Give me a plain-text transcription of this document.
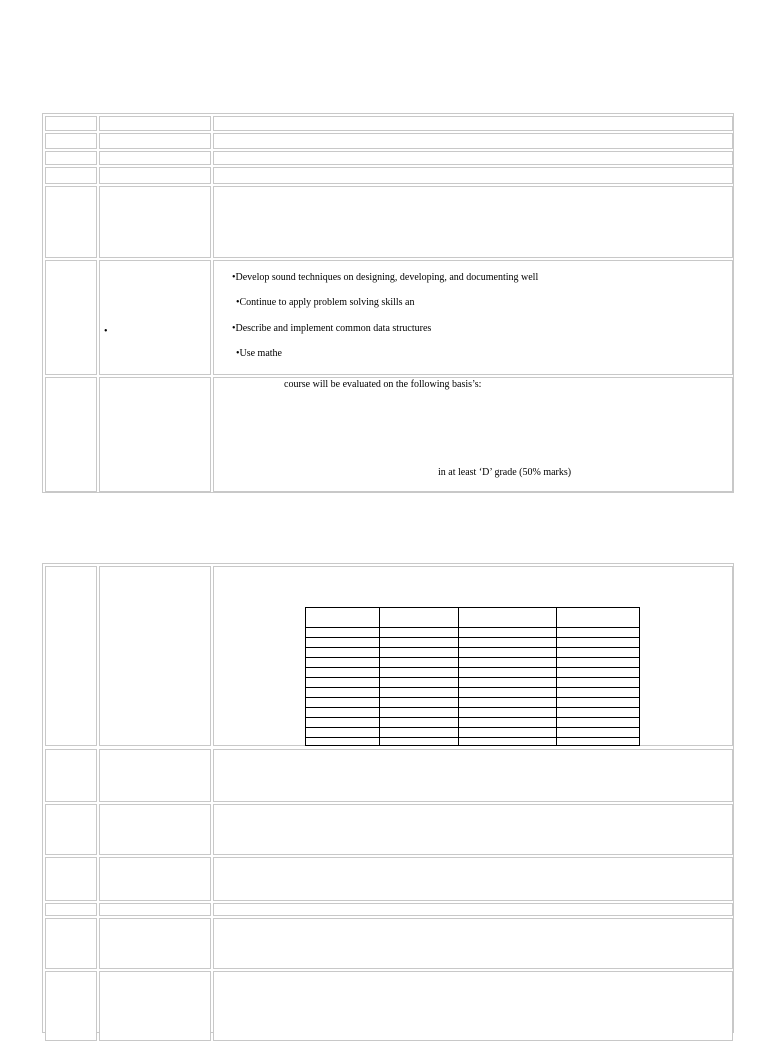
•
•Develop sound techniques on designing, developing, and documenting well
•Continue to apply problem solving skills an
•Describe and implement common data structures
•Use mathe
course will be evaluated on the following basis’s:
in at least ‘D’ grade (50% marks)
